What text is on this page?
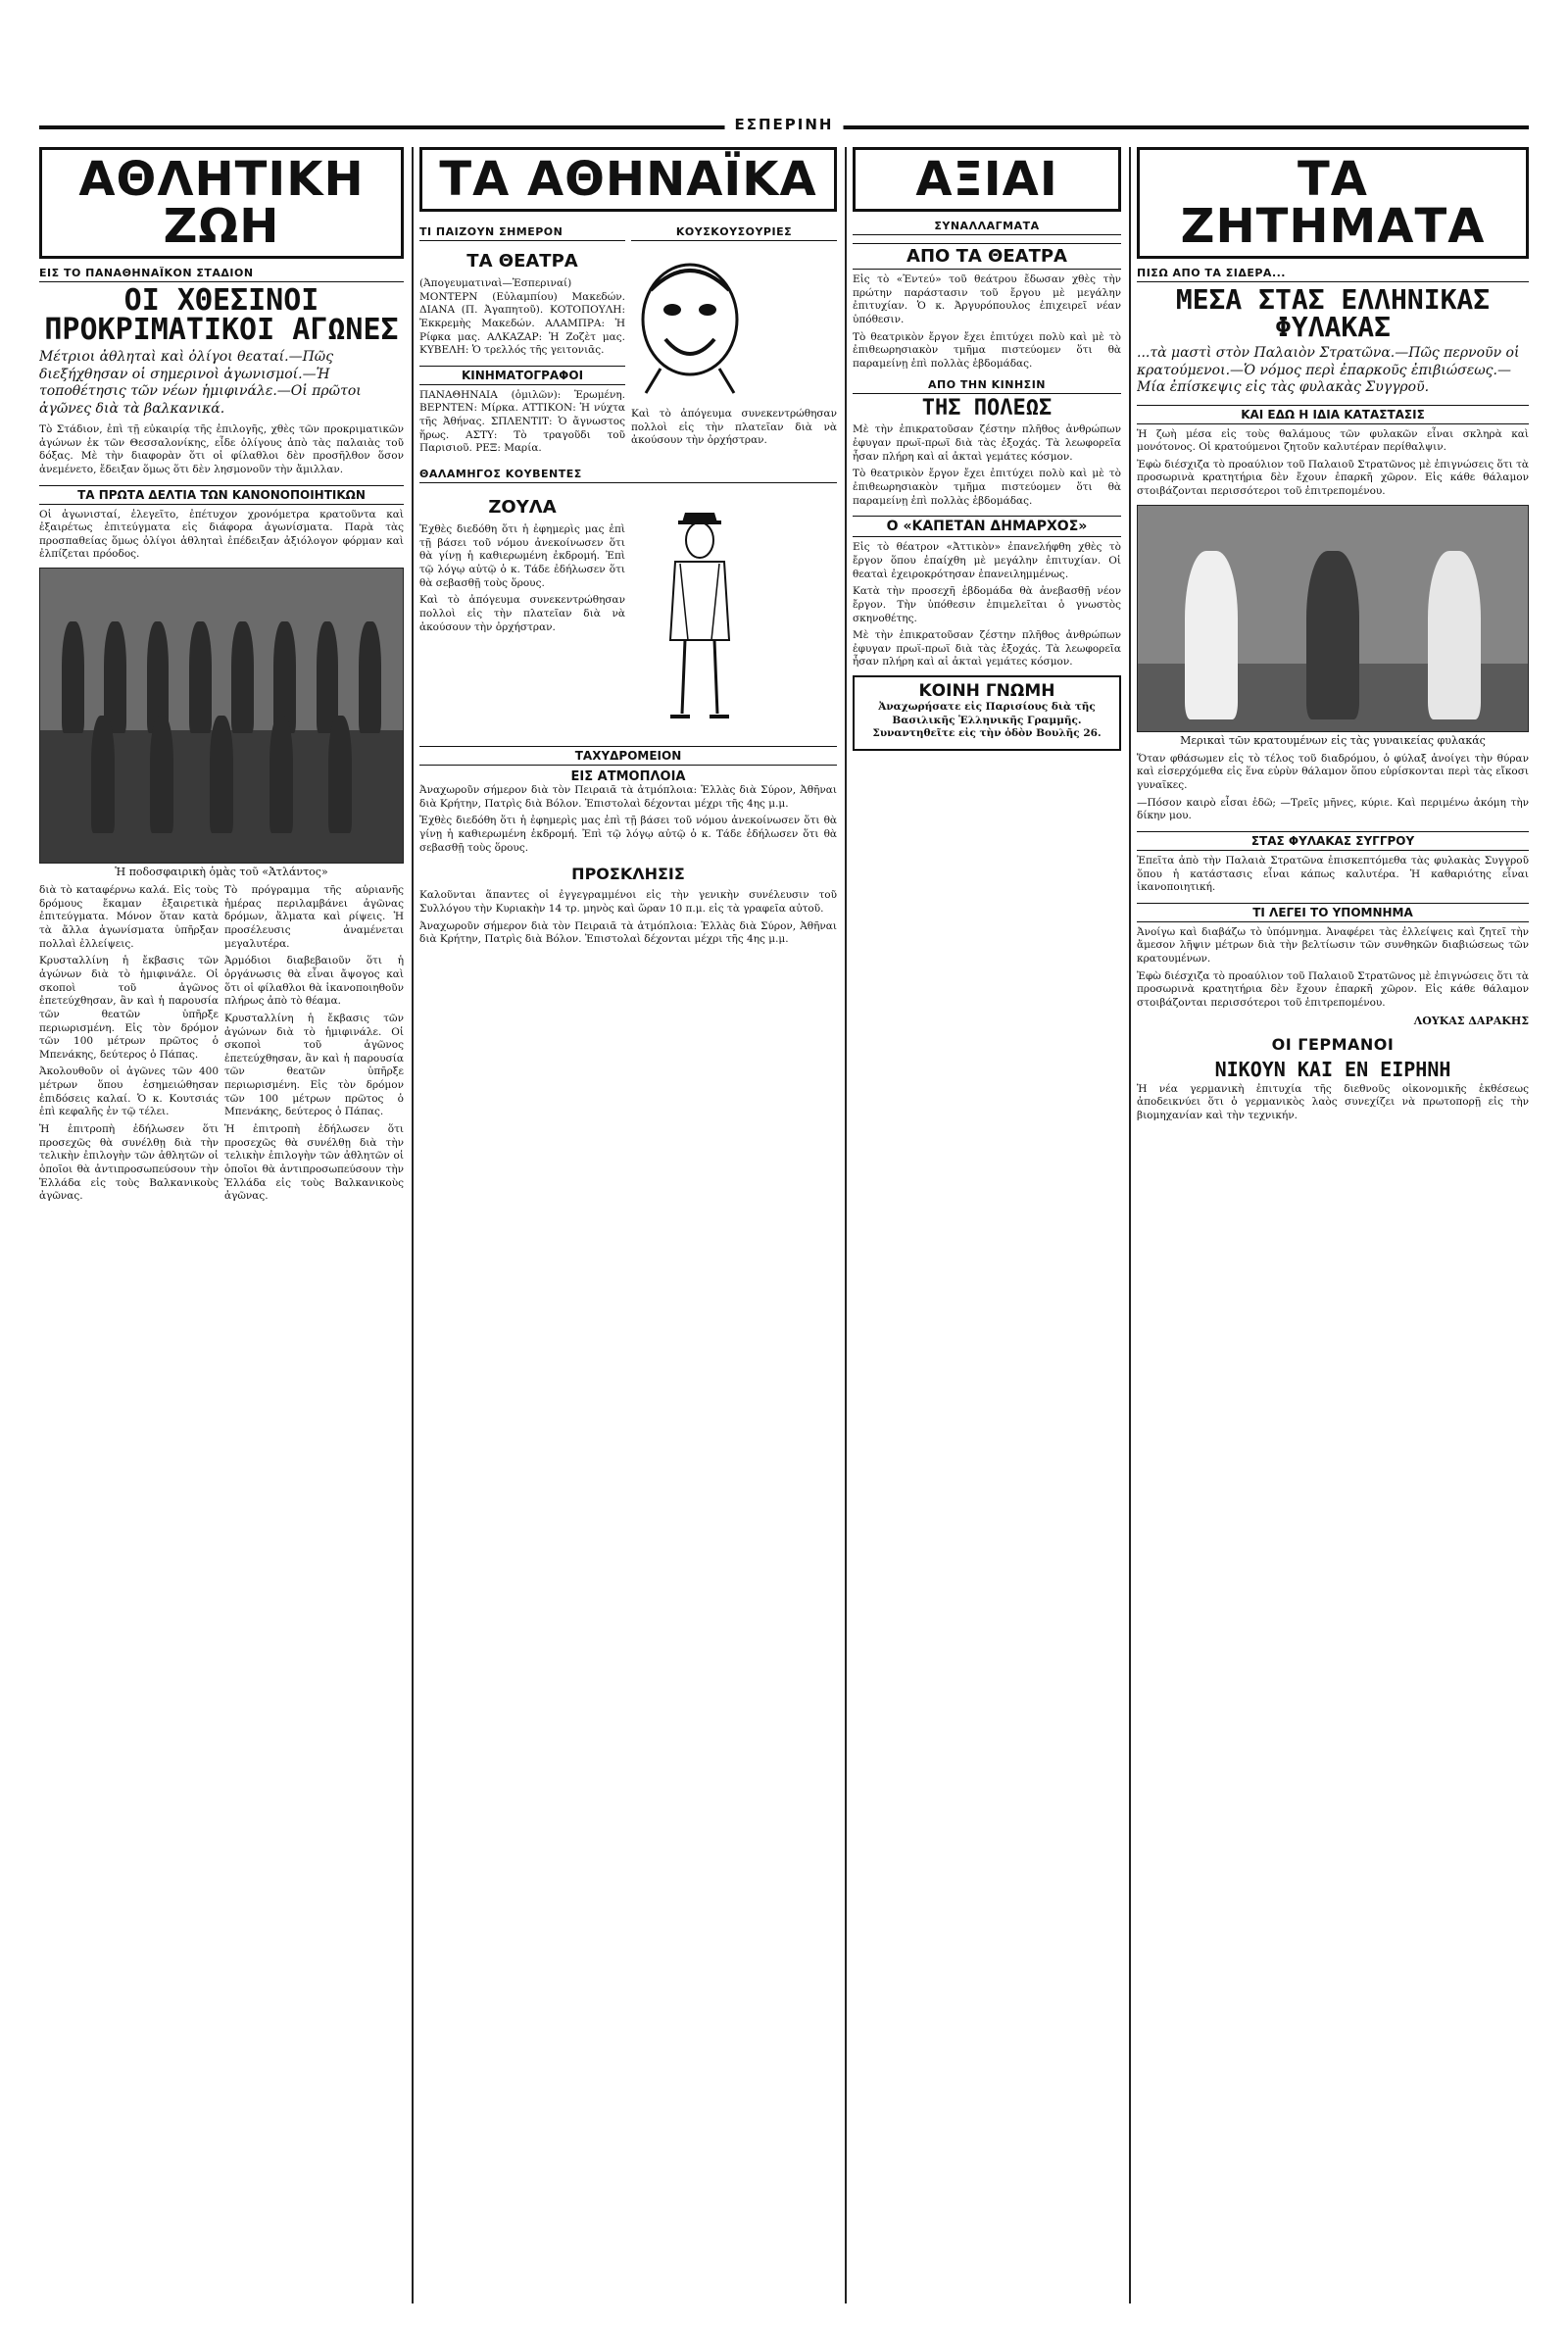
ΕΣΠΕΡΙΝΗ
ΑΘΛΗΤΙΚΗ ΖΩΗ
ΕΙΣ ΤΟ ΠΑΝΑΘΗΝΑΪΚΟΝ ΣΤΑΔΙΟΝ
ΟΙ ΧΘΕΣΙΝΟΙ ΠΡΟΚΡΙΜΑΤΙΚΟΙ ΑΓΩΝΕΣ
Μέτριοι ἀθληταὶ καὶ ὀλίγοι θεαταί.—Πῶς διεξήχθησαν οἱ σημερινοὶ ἀγωνισμοί.—Ἡ τοποθέτησις τῶν νέων ἡμιφινάλε.—Οἱ πρῶτοι ἀγῶνες διὰ τὰ βαλκανικά.

Τὸ Στάδιον, ἐπὶ τῇ εὐκαιρίᾳ τῆς ἐπιλογῆς, χθὲς τῶν προκριματικῶν ἀγώνων ἐκ τῶν Θεσσαλονίκης, εἶδε ὀλίγους ἀπὸ τὰς παλαιὰς τοῦ δόξας. Μὲ τὴν διαφορὰν ὅτι οἱ φίλαθλοι δὲν προσῆλθον ὅσον ἀνεμένετο, ἔδειξαν ὅμως ὅτι δὲν λησμονοῦν τὴν ἄμιλλαν.

ΤΑ ΠΡΩΤΑ ΔΕΛΤΙΑ ΤΩΝ ΚΑΝΟΝΟΠΟΙΗΤΙΚΩΝ

Οἱ ἀγωνισταί, ἐλεγεῖτο, ἐπέτυχον χρονόμετρα κρατοῦντα καὶ ἐξαιρέτως ἐπιτεύγματα εἰς διάφορα ἀγωνίσματα. Παρὰ τὰς προσπαθείας ὅμως ὀλίγοι ἀθληταὶ ἐπέδειξαν ἀξιόλογον φόρμαν καὶ ἐλπίζεται πρόοδος.

Ἡ ποδοσφαιρικὴ ὁμὰς τοῦ «Ἀτλάντος»

διὰ τὸ καταφέρνω καλά. Εἰς τοὺς δρόμους ἔκαμαν ἐξαιρετικὰ ἐπιτεύγματα. Μόνον ὅταν κατὰ τὰ ἄλλα ἀγωνίσματα ὑπῆρξαν πολλαὶ ἐλλείψεις.

Κρυσταλλίνη ἡ ἔκβασις τῶν ἀγώνων διὰ τὸ ἡμιφινάλε. Οἱ σκοποὶ τοῦ ἀγῶνος ἐπετεύχθησαν, ἂν καὶ ἡ παρουσία τῶν θεατῶν ὑπῆρξε περιωρισμένη. Εἰς τὸν δρόμον τῶν 100 μέτρων πρῶτος ὁ Μπενάκης, δεύτερος ὁ Πάπας.

Ἀκολουθοῦν οἱ ἀγῶνες τῶν 400 μέτρων ὅπου ἐσημειώθησαν ἐπιδόσεις καλαί. Ὁ κ. Κουτσιάς ἐπὶ κεφαλῆς ἐν τῷ τέλει.

Ἡ ἐπιτροπὴ ἐδήλωσεν ὅτι προσεχῶς θὰ συνέλθῃ διὰ τὴν τελικὴν ἐπιλογὴν τῶν ἀθλητῶν οἱ ὁποῖοι θὰ ἀντιπροσωπεύσουν τὴν Ἑλλάδα εἰς τοὺς Βαλκανικοὺς ἀγῶνας.

Τὸ πρόγραμμα τῆς αὐριανῆς ἡμέρας περιλαμβάνει ἀγῶνας δρόμων, ἅλματα καὶ ρίψεις. Ἡ προσέλευσις ἀναμένεται μεγαλυτέρα.

Ἀρμόδιοι διαβεβαιοῦν ὅτι ἡ ὀργάνωσις θὰ εἶναι ἄψογος καὶ ὅτι οἱ φίλαθλοι θὰ ἱκανοποιηθοῦν πλήρως ἀπὸ τὸ θέαμα.

Κρυσταλλίνη ἡ ἔκβασις τῶν ἀγώνων διὰ τὸ ἡμιφινάλε. Οἱ σκοποὶ τοῦ ἀγῶνος ἐπετεύχθησαν, ἂν καὶ ἡ παρουσία τῶν θεατῶν ὑπῆρξε περιωρισμένη. Εἰς τὸν δρόμον τῶν 100 μέτρων πρῶτος ὁ Μπενάκης, δεύτερος ὁ Πάπας.

Ἡ ἐπιτροπὴ ἐδήλωσεν ὅτι προσεχῶς θὰ συνέλθῃ διὰ τὴν τελικὴν ἐπιλογὴν τῶν ἀθλητῶν οἱ ὁποῖοι θὰ ἀντιπροσωπεύσουν τὴν Ἑλλάδα εἰς τοὺς Βαλκανικοὺς ἀγῶνας.

ΤΑ ΑΘΗΝΑΪΚΑ
ΤΙ ΠΑΙΖΟΥΝ ΣΗΜΕΡΟΝ
ΤΑ ΘΕΑΤΡΑ

(Ἀπογευματιναὶ—Ἑσπεριναί) ΜΟΝΤΕΡΝ (Εὐλαμπίου) Μακεδών. ΔΙΑΝΑ (Π. Ἀγαπητοῦ). ΚΟΤΟΠΟΥΛΗ: Ἐκκρεμὴς Μακεδών. ΑΛΑΜΠΡΑ: Ἡ Ρίφκα μας. ΑΛΚΑΖΑΡ: Ἡ Ζοζὲτ μας. ΚΥΒΕΛΗ: Ὁ τρελλός τῆς γειτονιᾶς.

ΚΙΝΗΜΑΤΟΓΡΑΦΟΙ

ΠΑΝΑΘΗΝΑΙΑ (ὁμιλῶν): Ἑρωμένη. ΒΕΡΝΤΕΝ: Μίρκα. ΑΤΤΙΚΟΝ: Ἡ νύχτα τῆς Ἀθήνας. ΣΠΛΕΝΤΙΤ: Ὁ ἄγνωστος ἥρως. ΑΣΤΥ: Τὸ τραγοῦδι τοῦ Παρισιοῦ. ΡΕΞ: Μαρία.

ΚΟΥΣΚΟΥΣΟΥΡΙΕΣ

Καὶ τὸ ἀπόγευμα συνεκεντρώθησαν πολλοὶ εἰς τὴν πλατεῖαν διὰ νὰ ἀκούσουν τὴν ὀρχήστραν.

ΘΑΛΑΜΗΓΟΣ ΚΟΥΒΕΝΤΕΣ
ΖΟΥΛΑ

Ἐχθὲς διεδόθη ὅτι ἡ ἐφημερὶς μας ἐπὶ τῇ βάσει τοῦ νόμου ἀνεκοίνωσεν ὅτι θὰ γίνῃ ἡ καθιερωμένη ἐκδρομή. Ἐπὶ τῷ λόγῳ αὐτῷ ὁ κ. Τάδε ἐδήλωσεν ὅτι θὰ σεβασθῇ τοὺς ὅρους.

Καὶ τὸ ἀπόγευμα συνεκεντρώθησαν πολλοὶ εἰς τὴν πλατεῖαν διὰ νὰ ἀκούσουν τὴν ὀρχήστραν.

ΤΑΧΥΔΡΟΜΕΙΟΝ
ΕΙΣ ΑΤΜΟΠΛΟΙΑ

Ἀναχωροῦν σήμερον διὰ τὸν Πειραιᾶ τὰ ἀτμόπλοια: Ἑλλὰς διὰ Σύρον, Ἀθῆναι διὰ Κρήτην, Πατρὶς διὰ Βόλον. Ἐπιστολαὶ δέχονται μέχρι τῆς 4ης μ.μ.

Ἐχθὲς διεδόθη ὅτι ἡ ἐφημερὶς μας ἐπὶ τῇ βάσει τοῦ νόμου ἀνεκοίνωσεν ὅτι θὰ γίνῃ ἡ καθιερωμένη ἐκδρομή. Ἐπὶ τῷ λόγῳ αὐτῷ ὁ κ. Τάδε ἐδήλωσεν ὅτι θὰ σεβασθῇ τοὺς ὅρους.

ΠΡΟΣΚΛΗΣΙΣ

Καλοῦνται ἅπαντες οἱ ἐγγεγραμμένοι εἰς τὴν γενικὴν συνέλευσιν τοῦ Συλλόγου τὴν Κυριακὴν 14 τρ. μηνὸς καὶ ὥραν 10 π.μ. εἰς τὰ γραφεῖα αὐτοῦ.

Ἀναχωροῦν σήμερον διὰ τὸν Πειραιᾶ τὰ ἀτμόπλοια: Ἑλλὰς διὰ Σύρον, Ἀθῆναι διὰ Κρήτην, Πατρὶς διὰ Βόλον. Ἐπιστολαὶ δέχονται μέχρι τῆς 4ης μ.μ.

ΑΞΙΑΙ
ΣΥΝΑΛΛΑΓΜΑΤΑ
ΑΠΟ ΤΑ ΘΕΑΤΡΑ

Εἰς τὸ «Ἐντεύ» τοῦ θεάτρου ἔδωσαν χθὲς τὴν πρώτην παράστασιν τοῦ ἔργου μὲ μεγάλην ἐπιτυχίαν. Ὁ κ. Ἀργυρόπουλος ἐπιχειρεῖ νέαν ὑπόθεσιν.

Τὸ θεατρικὸν ἔργον ἔχει ἐπιτύχει πολὺ καὶ μὲ τὸ ἐπιθεωρησιακὸν τμῆμα πιστεύομεν ὅτι θὰ παραμείνῃ ἐπὶ πολλὰς ἑβδομάδας.

ΑΠΟ ΤΗΝ ΚΙΝΗΣΙΝ
ΤΗΣ ΠΟΛΕΩΣ

Μὲ τὴν ἐπικρατοῦσαν ζέστην πλῆθος ἀνθρώπων ἐφυγαν πρωϊ-πρωϊ διὰ τὰς ἐξοχάς. Τὰ λεωφορεῖα ἦσαν πλήρη καὶ αἱ ἀκταὶ γεμάτες κόσμον.

Τὸ θεατρικὸν ἔργον ἔχει ἐπιτύχει πολὺ καὶ μὲ τὸ ἐπιθεωρησιακὸν τμῆμα πιστεύομεν ὅτι θὰ παραμείνῃ ἐπὶ πολλὰς ἑβδομάδας.

Ο «ΚΑΠΕΤΑΝ ΔΗΜΑΡΧΟΣ»

Εἰς τὸ θέατρον «Ἀττικὸν» ἐπανελήφθη χθὲς τὸ ἔργον ὅπου ἐπαίχθη μὲ μεγάλην ἐπιτυχίαν. Οἱ θεαταὶ ἐχειροκρότησαν ἐπανειλημμένως.

Κατὰ τὴν προσεχῆ ἑβδομάδα θὰ ἀνεβασθῇ νέον ἔργον. Τὴν ὑπόθεσιν ἐπιμελεῖται ὁ γνωστὸς σκηνοθέτης.

Μὲ τὴν ἐπικρατοῦσαν ζέστην πλῆθος ἀνθρώπων ἐφυγαν πρωϊ-πρωϊ διὰ τὰς ἐξοχάς. Τὰ λεωφορεῖα ἦσαν πλήρη καὶ αἱ ἀκταὶ γεμάτες κόσμον.

ΚΟΙΝΗ ΓΝΩΜΗ

Ἀναχωρήσατε εἰς Παρισίους διὰ τῆς Βασιλικῆς Ἑλληνικῆς Γραμμῆς. Συναντηθεῖτε εἰς τὴν ὁδὸν Βουλῆς 26.

ΤΑ ΖΗΤΗΜΑΤΑ
ΠΙΣΩ ΑΠΟ ΤΑ ΣΙΔΕΡΑ...
ΜΕΣΑ ΣΤΑΣ ΕΛΛΗΝΙΚΑΣ ΦΥΛΑΚΑΣ
...τὰ μαστὶ στὸν Παλαιὸν Στρατῶνα.—Πῶς περνοῦν οἱ κρατούμενοι.—Ὁ νόμος περὶ ἐπαρκοῦς ἐπιβιώσεως.—Μία ἐπίσκεψις εἰς τὰς φυλακὰς Συγγροῦ.
ΚΑΙ ΕΔΩ Η ΙΔΙΑ ΚΑΤΑΣΤΑΣΙΣ

Ἡ ζωὴ μέσα εἰς τοὺς θαλάμους τῶν φυλακῶν εἶναι σκληρὰ καὶ μονότονος. Οἱ κρατούμενοι ζητοῦν καλυτέραν περίθαλψιν.

Ἐφὼ διέσχιζα τὸ προαύλιον τοῦ Παλαιοῦ Στρατῶνος μὲ ἐπιγνώσεις ὅτι τὰ προσωρινὰ κρατητήρια δὲν ἔχουν ἐπαρκῆ χῶρον. Εἰς κάθε θάλαμον στοιβάζονται περισσότεροι τοῦ ἐπιτρεπομένου.

Μερικαὶ τῶν κρατουμένων εἰς τὰς γυναικείας φυλακάς

Ὅταν φθάσωμεν εἰς τὸ τέλος τοῦ διαδρόμου, ὁ φύλαξ ἀνοίγει τὴν θύραν καὶ εἰσερχόμεθα εἰς ἕνα εὐρὺν θάλαμον ὅπου εὑρίσκονται περὶ τὰς εἴκοσι γυναῖκες.

—Πόσον καιρὸ εἶσαι ἐδῶ; —Τρεῖς μῆνες, κύριε. Καὶ περιμένω ἀκόμη τὴν δίκην μου.

ΣΤΑΣ ΦΥΛΑΚΑΣ ΣΥΓΓΡΟΥ

Ἐπεῖτα ἀπὸ τὴν Παλαιὰ Στρατῶνα ἐπισκεπτόμεθα τὰς φυλακὰς Συγγροῦ ὅπου ἡ κατάστασις εἶναι κάπως καλυτέρα. Ἡ καθαριότης εἶναι ἱκανοποιητική.

ΤΙ ΛΕΓΕΙ ΤΟ ΥΠΟΜΝΗΜΑ

Ἀνοίγω καὶ διαβάζω τὸ ὑπόμνημα. Ἀναφέρει τὰς ἐλλείψεις καὶ ζητεῖ τὴν ἄμεσον λῆψιν μέτρων διὰ τὴν βελτίωσιν τῶν συνθηκῶν διαβιώσεως τῶν κρατουμένων.

Ἐφὼ διέσχιζα τὸ προαύλιον τοῦ Παλαιοῦ Στρατῶνος μὲ ἐπιγνώσεις ὅτι τὰ προσωρινὰ κρατητήρια δὲν ἔχουν ἐπαρκῆ χῶρον. Εἰς κάθε θάλαμον στοιβάζονται περισσότεροι τοῦ ἐπιτρεπομένου.

ΛΟΥΚΑΣ ΔΑΡΑΚΗΣ
ΟΙ ΓΕΡΜΑΝΟΙ
ΝΙΚΟΥΝ ΚΑΙ ΕΝ ΕΙΡΗΝΗ

Ἡ νέα γερμανικὴ ἐπιτυχία τῆς διεθνοῦς οἰκονομικῆς ἐκθέσεως ἀποδεικνύει ὅτι ὁ γερμανικὸς λαὸς συνεχίζει νὰ πρωτοπορῇ εἰς τὴν βιομηχανίαν καὶ τὴν τεχνικήν.
